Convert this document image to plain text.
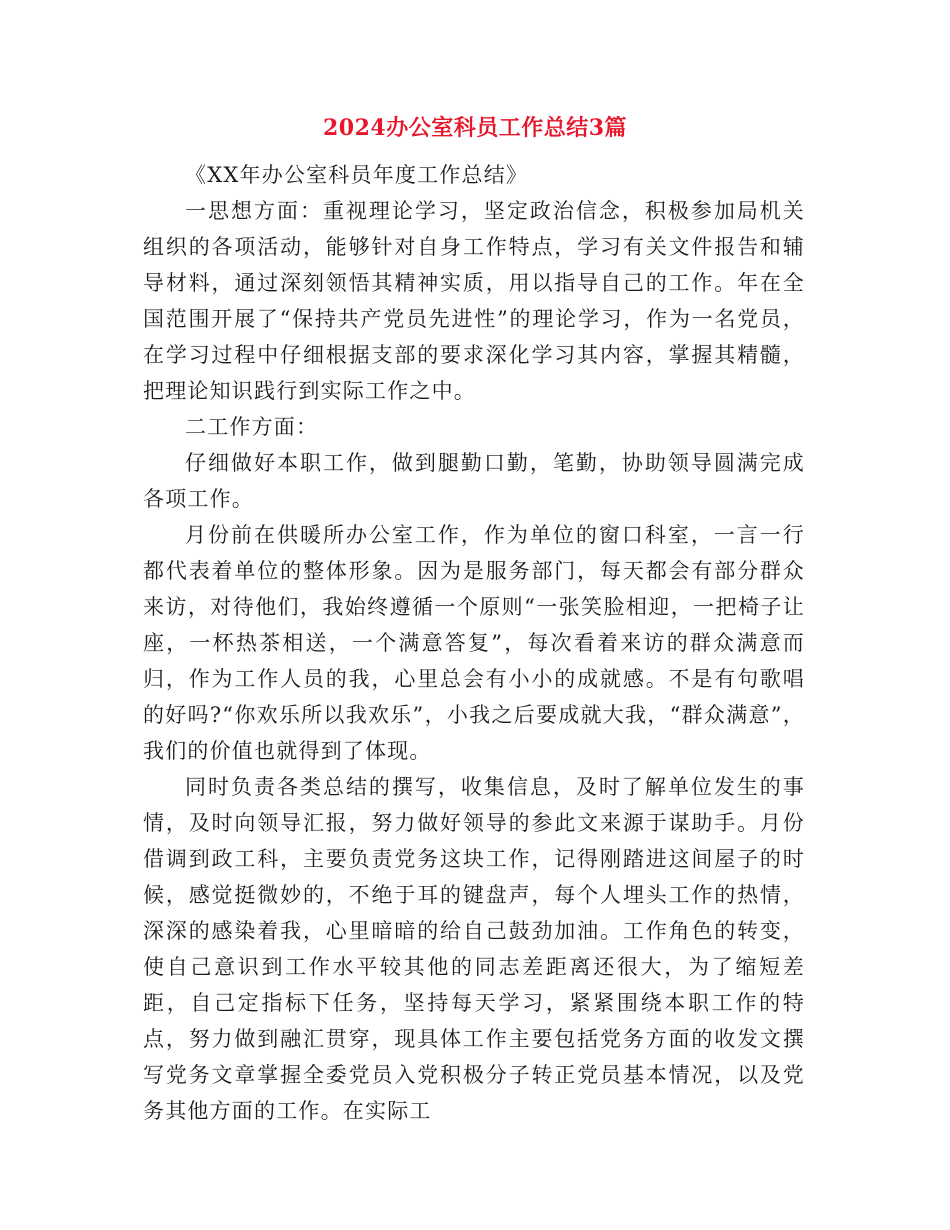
2024办公室科员工作总结3篇

《XX年办公室科员年度工作总结》

一思想方面：重视理论学习，坚定政治信念，积极参加局机关组织的各项活动，能够针对自身工作特点，学习有关文件报告和辅导材料，通过深刻领悟其精神实质，用以指导自己的工作。年在全国范围开展了“保持共产党员先进性”的理论学习，作为一名党员，在学习过程中仔细根据支部的要求深化学习其内容，掌握其精髓，把理论知识践行到实际工作之中。

二工作方面：

仔细做好本职工作，做到腿勤口勤，笔勤，协助领导圆满完成各项工作。

月份前在供暖所办公室工作，作为单位的窗口科室，一言一行都代表着单位的整体形象。因为是服务部门，每天都会有部分群众来访，对待他们，我始终遵循一个原则“一张笑脸相迎，一把椅子让座，一杯热茶相送，一个满意答复”，每次看着来访的群众满意而归，作为工作人员的我，心里总会有小小的成就感。不是有句歌唱的好吗?“你欢乐所以我欢乐”，小我之后要成就大我，“群众满意”，我们的价值也就得到了体现。

同时负责各类总结的撰写，收集信息，及时了解单位发生的事情，及时向领导汇报，努力做好领导的参此文来源于谋助手。月份借调到政工科，主要负责党务这块工作，记得刚踏进这间屋子的时候，感觉挺微妙的，不绝于耳的键盘声，每个人埋头工作的热情，深深的感染着我，心里暗暗的给自己鼓劲加油。工作角色的转变，使自己意识到工作水平较其他的同志差距离还很大，为了缩短差距，自己定指标下任务，坚持每天学习，紧紧围绕本职工作的特点，努力做到融汇贯穿，现具体工作主要包括党务方面的收发文撰写党务文章掌握全委党员入党积极分子转正党员基本情况，以及党务其他方面的工作。在实际工
